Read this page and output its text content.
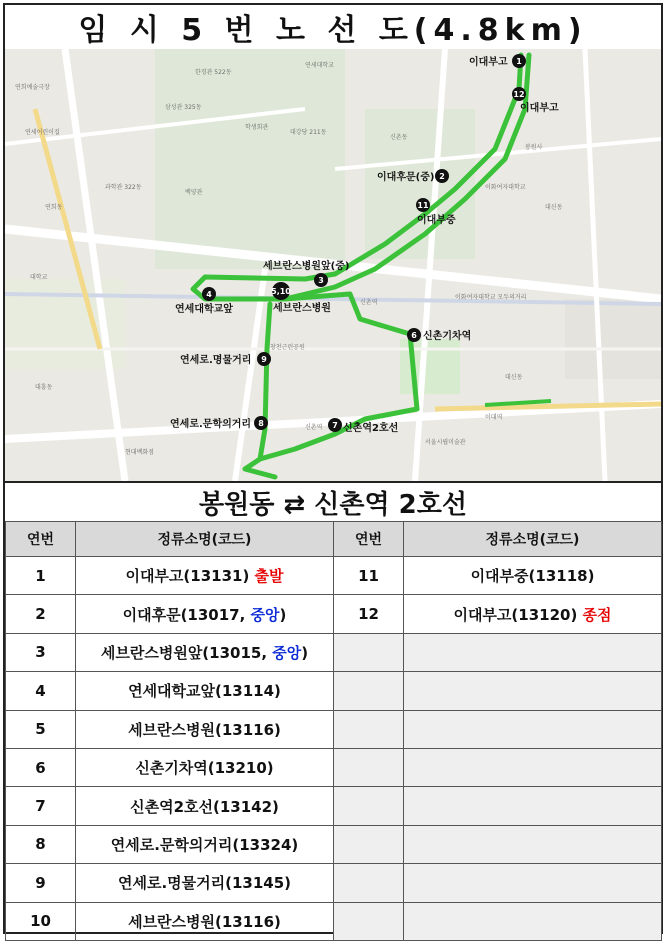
임 시 5 번 노 선 도(4.8km)
연희예술극장
연세어린이집
한경관 522동
연세대학교
삼성관 325동
학생회관
대강당 211동
신촌동
봉원사
대신동
연희동
과학관 322동
백양관
이화여자대학교
대학교
신촌역
이화여자대학교 모두의거리
창천근린공원
대흥동
대신동
이대역
서울시립미술관
현대백화점
신촌역
1
이대부고
12
이대부고
2
이대후문(중)
11
이대부중
3
세브란스병원앞(중)
5,10
세브란스병원
4
연세대학교앞
6 신촌기차역
9
연세로.명물거리
8
연세로.문학의거리	7 신촌역2호선
봉원동 ⇄ 신촌역 2호선
연번	정류소명(코드)	연번	정류소명(코드)
1	이대부고(13131) 출발	11	이대부중(13118)
2	이대후문(13017, 중앙)	12	이대부고(13120) 종점
3	세브란스병원앞(13015, 중앙)		
4	연세대학교앞(13114)		
5	세브란스병원(13116)		
6	신촌기차역(13210)		
7	신촌역2호선(13142)		
8	연세로.문학의거리(13324)		
9	연세로.명물거리(13145)		
10	세브란스병원(13116)		
